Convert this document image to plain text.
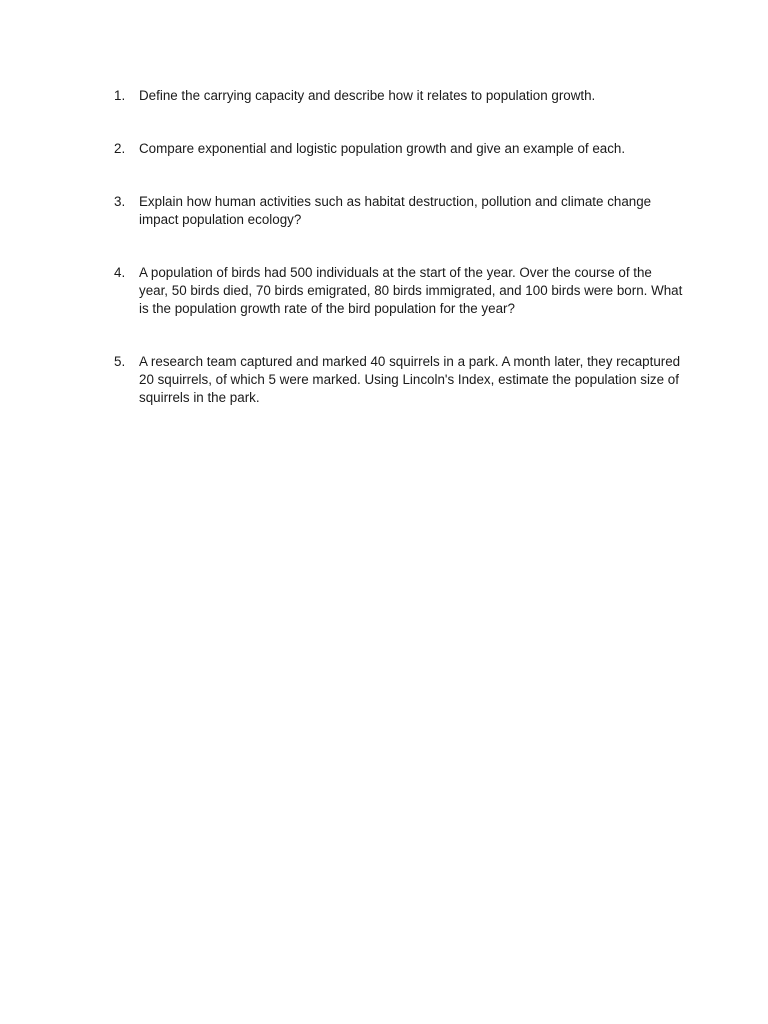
1.	Define the carrying capacity and describe how it relates to population growth.
2.	Compare exponential and logistic population growth and give an example of each.
3.	Explain how human activities such as habitat destruction, pollution and climate change impact population ecology?
4.	A population of birds had 500 individuals at the start of the year. Over the course of the year, 50 birds died, 70 birds emigrated, 80 birds immigrated, and 100 birds were born. What is the population growth rate of the bird population for the year?
5.	A research team captured and marked 40 squirrels in a park. A month later, they recaptured 20 squirrels, of which 5 were marked. Using Lincoln's Index, estimate the population size of squirrels in the park.
